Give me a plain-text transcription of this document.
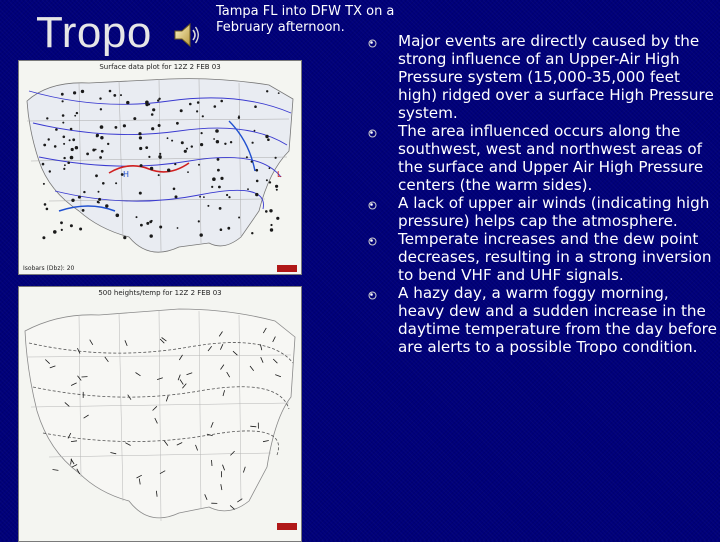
Tropo	Tampa FL into DFW TX on a February afternoon.
Major events are directly caused by the strong influence of an Upper-Air High Pressure system (15,000-35,000 feet high) ridged over a surface High Pressure system.
The area influenced occurs along the southwest, west and northwest areas of the surface and Upper Air High Pressure centers (the warm sides).
A lack of upper air winds (indicating high pressure) helps cap the atmosphere.
Temperate increases and the dew point decreases, resulting in a strong inversion to bend VHF and UHF signals.
A hazy day, a warm foggy morning, heavy dew and a sudden increase in the daytime temperature from the day before are alerts to a possible Tropo condition.
H	L
Surface data plot for 12Z 2 FEB 03
Isobars (Dbz): 20
500 heights/temp for 12Z 2 FEB 03
